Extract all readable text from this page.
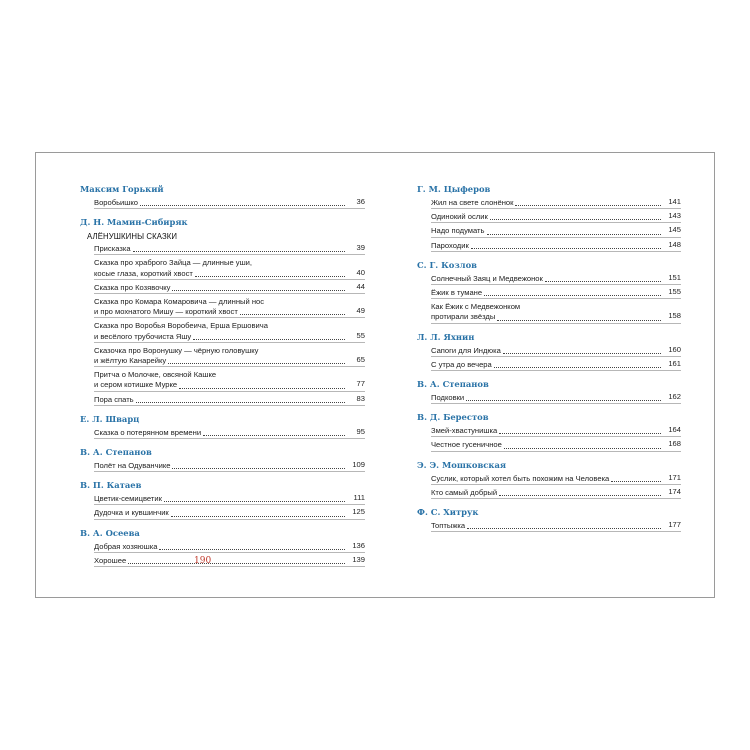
Максим Горький
Воробьишко	36
Д. Н. Мамин-Сибиряк
АЛЁНУШКИНЫ СКАЗКИ
Присказка	39
Сказка про храброго Зайца — длинные уши,
косые глаза, короткий хвост	40
Сказка про Козявочку	44
Сказка про Комара Комаровича — длинный нос
и про мохнатого Мишу — короткий хвост	49
Сказка про Воробья Воробеича, Ерша Ершовича
и весёлого трубочиста Яшу	55
Сказочка про Воронушку — чёрную головушку
и жёлтую Канарейку	65
Притча о Молочке, овсяной Кашке
и сером котишке Мурке	77
Пора спать	83
Е. Л. Шварц
Сказка о потерянном времени	95
В. А. Степанов
Полёт на Одуванчике	109
В. П. Катаев
Цветик-семицветик	111
Дудочка и кувшинчик	125
В. А. Осеева
Добрая хозяюшка	136
Хорошее	139
Г. М. Цыферов
Жил на свете слонёнок	141
Одинокий ослик	143
Надо подумать	145
Пароходик	148
С. Г. Козлов
Солнечный Заяц и Медвежонок	151
Ёжик в тумане	155
Как Ёжик с Медвежонком
протирали звёзды	158
Л. Л. Яхнин
Сапоги для Индюка	160
С утра до вечера	161
В. А. Степанов
Подковки	162
В. Д. Берестов
Змей-хвастунишка	164
Честное гусеничное	168
Э. Э. Мошковская
Суслик, который хотел быть похожим на Человека	171
Кто самый добрый	174
Ф. С. Хитрук
Топтыжка	177
190
